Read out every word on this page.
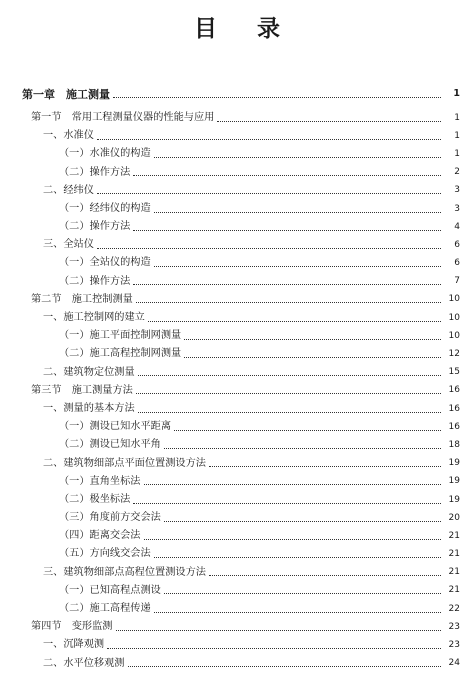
目 录
第一章　施工测量	1
第一节　常用工程测量仪器的性能与应用	1
一、水准仪	1
（一）水准仪的构造	1
（二）操作方法	2
二、经纬仪	3
（一）经纬仪的构造	3
（二）操作方法	4
三、全站仪	6
（一）全站仪的构造	6
（二）操作方法	7
第二节　施工控制测量	10
一、施工控制网的建立	10
（一）施工平面控制网测量	10
（二）施工高程控制网测量	12
二、建筑物定位测量	15
第三节　施工测量方法	16
一、测量的基本方法	16
（一）测设已知水平距离	16
（二）测设已知水平角	18
二、建筑物细部点平面位置测设方法	19
（一）直角坐标法	19
（二）极坐标法	19
（三）角度前方交会法	20
（四）距离交会法	21
（五）方向线交会法	21
三、建筑物细部点高程位置测设方法	21
（一）已知高程点测设	21
（二）施工高程传递	22
第四节　变形监测	23
一、沉降观测	23
二、水平位移观测	24
